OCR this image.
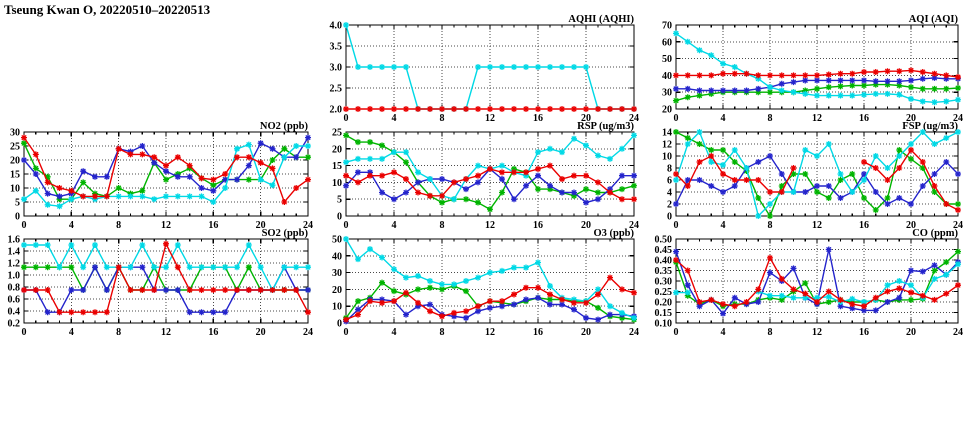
Tseung Kwan O, 20220510–20220513
2.0
2.5
3.0
3.5
4.0
0	4	8	12	16	20	24
AQHI (AQHI)
20
30
40
50
60
70
0	4	8	12	16	20	24
AQI (AQI)
0
5
10
15
20
25
30
0	4	8	12	16	20	24
NO2 (ppb)
0
5
10
15
20
25
0	4	8	12	16	20	24
RSP (ug/m3)
0
2
4
6
8
10
12
14
0	4	8	12	16	20	24
FSP (ug/m3)
0.2
0.4
0.6
0.8
1.0
1.2
1.4
1.6
0	4	8	12	16	20	24
SO2 (ppb)
0
10
20
30
40
50
0	4	8	12	16	20	24
O3 (ppb)
0.10
0.15
0.20
0.25
0.30
0.35
0.40
0.45
0.50
0	4	8	12	16	20	24
CO (ppm)
